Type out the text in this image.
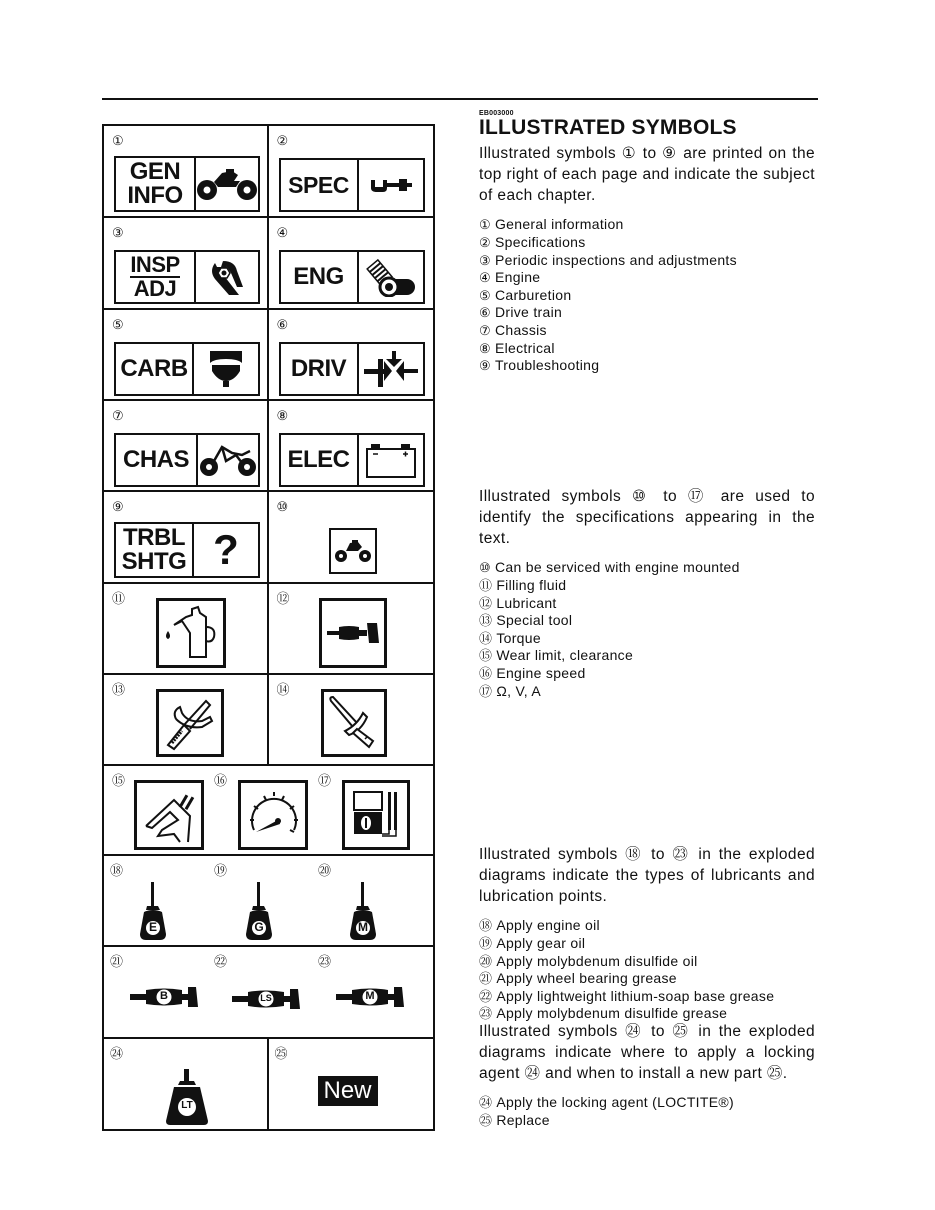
①
GEN
INFO
②
SPEC
③
INSP
ADJ
④
ENG
⑤
CARB
⑥
DRIV
⑦
CHAS
⑧
ELEC
⑨
TRBL
SHTG ?
⑩
⑪	⑫
⑬	⑭
⑮	⑯	⑰
⑱
E
⑲
G
⑳
M
㉑
B
㉒
LS
㉓
M
㉔
LT
㉕
New
EB003000
ILLUSTRATED SYMBOLS
Illustrated symbols ① to ⑨ are printed on the top right of each page and indicate the subject of each chapter.
① General information
② Specifications
③ Periodic inspections and adjustments
④ Engine
⑤ Carburetion
⑥ Drive train
⑦ Chassis
⑧ Electrical
⑨ Troubleshooting
Illustrated symbols ⑩ to ⑰ are used to identify the specifications appearing in the text.
⑩ Can be serviced with engine mounted
⑪ Filling fluid
⑫ Lubricant
⑬ Special tool
⑭ Torque
⑮ Wear limit, clearance
⑯ Engine speed
⑰ Ω, V, A
Illustrated symbols ⑱ to ㉓ in the exploded diagrams indicate the types of lubricants and lubrication points.
⑱ Apply engine oil
⑲ Apply gear oil
⑳ Apply molybdenum disulfide oil
㉑ Apply wheel bearing grease
㉒ Apply lightweight lithium-soap base grease
㉓ Apply molybdenum disulfide grease
Illustrated symbols ㉔ to ㉕ in the exploded diagrams indicate where to apply a locking agent ㉔ and when to install a new part ㉕.
㉔ Apply the locking agent (LOCTITE®)
㉕ Replace
